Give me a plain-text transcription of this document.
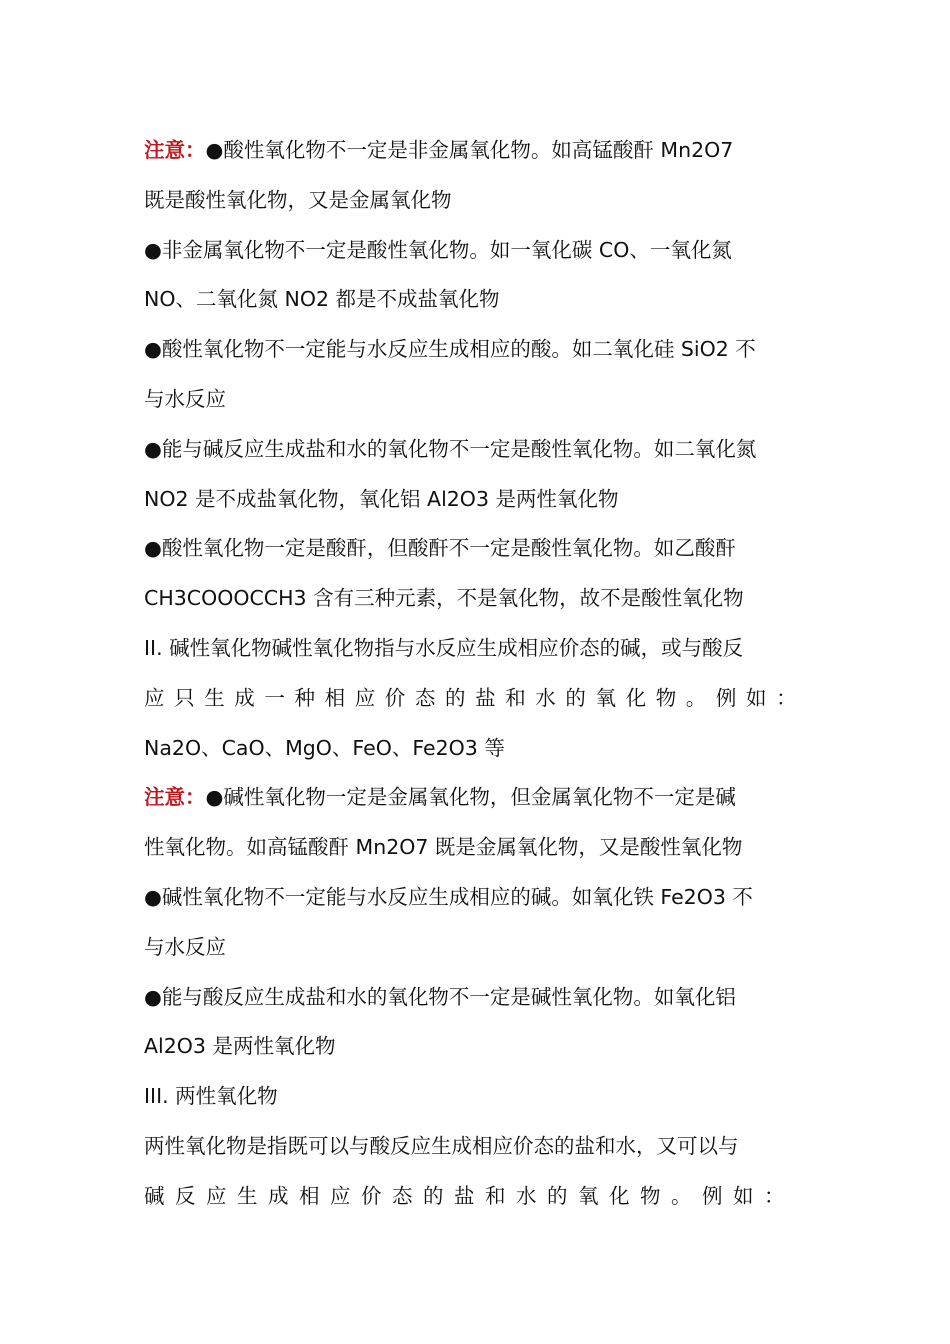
注意：●酸性氧化物不一定是非金属氧化物。如高锰酸酐 Mn2O7
既是酸性氧化物，又是金属氧化物
●非金属氧化物不一定是酸性氧化物。如一氧化碳 CO、一氧化氮
NO、二氧化氮 NO2 都是不成盐氧化物
●酸性氧化物不一定能与水反应生成相应的酸。如二氧化硅 SiO2 不
与水反应
●能与碱反应生成盐和水的氧化物不一定是酸性氧化物。如二氧化氮
NO2 是不成盐氧化物，氧化铝 Al2O3 是两性氧化物
●酸性氧化物一定是酸酐，但酸酐不一定是酸性氧化物。如乙酸酐
CH3COOOCCH3 含有三种元素，不是氧化物，故不是酸性氧化物
II. 碱性氧化物碱性氧化物指与水反应生成相应价态的碱，或与酸反
应只生成一种相应价态的盐和水的氧化物。例如：
Na2O、CaO、MgO、FeO、Fe2O3 等
注意：●碱性氧化物一定是金属氧化物，但金属氧化物不一定是碱
性氧化物。如高锰酸酐 Mn2O7 既是金属氧化物，又是酸性氧化物
●碱性氧化物不一定能与水反应生成相应的碱。如氧化铁 Fe2O3 不
与水反应
●能与酸反应生成盐和水的氧化物不一定是碱性氧化物。如氧化铝
Al2O3 是两性氧化物
III. 两性氧化物
两性氧化物是指既可以与酸反应生成相应价态的盐和水，又可以与
碱反应生成相应价态的盐和水的氧化物。例如：
